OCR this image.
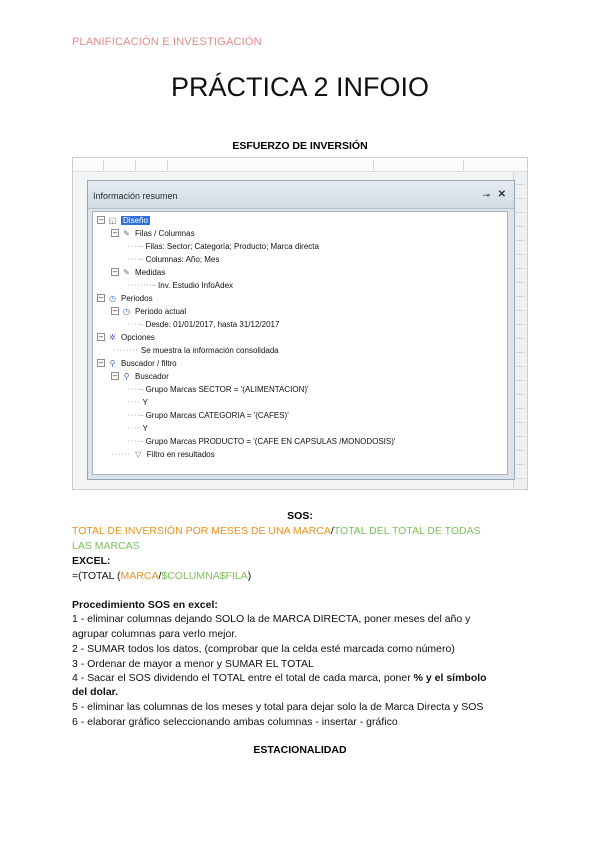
PLANIFICACIÓN E INVESTIGACIÓN
PRÁCTICA 2 INFOIO
ESFUERZO DE INVERSIÓN
Información resumen	⊸ ✕
− ◱ Diseño
− ✎ Filas / Columnas
····— Filas: Sector; Categoría; Producto; Marca directa
····— Columnas: Año; Mes
− ✎ Medidas
········— Inv. Estudio InfoAdex
− ◷ Periodos
− ◷ Periodo actual
····— Desde: 01/01/2017, hasta 31/12/2017
− ✲ Opciones
········ Se muestra la información consolidada
− ⚲ Buscador / filtro
− ⚲ Buscador
····— Grupo Marcas SECTOR = '(ALIMENTACION)'
···· Y
····— Grupo Marcas CATEGORIA = '(CAFES)'
···· Y
····— Grupo Marcas PRODUCTO = '(CAFE EN CAPSULAS /MONODOSIS)'
······ ▽ Filtro en resultados
SOS:
TOTAL DE INVERSIÓN POR MESES DE UNA MARCA/TOTAL DEL TOTAL DE TODAS
LAS MARCAS
EXCEL:
=(TOTAL (MARCA/$COLUMNA$FILA)
Procedimiento SOS en excel:
1 - eliminar columnas dejando SOLO la de MARCA DIRECTA, poner meses del año y
agrupar columnas para verlo mejor.
2 - SUMAR todos los datos, (comprobar que la celda esté marcada como número)
3 - Ordenar de mayor a menor y SUMAR EL TOTAL
4 - Sacar el SOS dividendo el TOTAL entre el total de cada marca, poner % y el símbolo
del dolar.
5 - eliminar las columnas de los meses y total para dejar solo la de Marca Directa y SOS
6 - elaborar gráfico seleccionando ambas columnas - insertar - gráfico
ESTACIONALIDAD
